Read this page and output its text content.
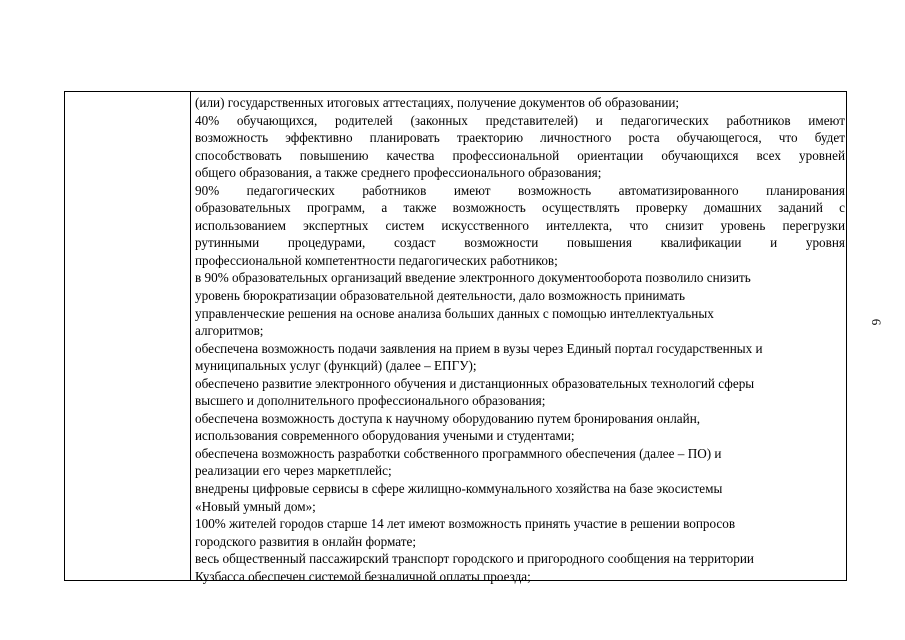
(или) государственных итоговых аттестациях, получение документов об образовании;
40% обучающихся, родителей (законных представителей) и педагогических работников имеют
возможность эффективно планировать траекторию личностного роста обучающегося, что будет
способствовать повышению качества профессиональной ориентации обучающихся всех уровней
общего образования, а также среднего профессионального образования;
90% педагогических работников имеют возможность автоматизированного планирования
образовательных программ, а также возможность осуществлять проверку домашних заданий с
использованием экспертных систем искусственного интеллекта, что снизит уровень перегрузки
рутинными процедурами, создаст возможности повышения квалификации и уровня
профессиональной компетентности педагогических работников;
в 90% образовательных организаций введение электронного документооборота позволило снизить
уровень бюрократизации образовательной деятельности, дало возможность принимать
управленческие решения на основе анализа больших данных с помощью интеллектуальных
алгоритмов;
обеспечена возможность подачи заявления на прием в вузы через Единый портал государственных и
муниципальных услуг (функций) (далее – ЕПГУ);
обеспечено развитие электронного обучения и дистанционных образовательных технологий сферы
высшего и дополнительного профессионального образования;
обеспечена возможность доступа к научному оборудованию путем бронирования онлайн,
использования современного оборудования учеными и студентами;
обеспечена возможность разработки собственного программного обеспечения (далее – ПО) и
реализации его через маркетплейс;
внедрены цифровые сервисы в сфере жилищно-коммунального хозяйства на базе экосистемы
«Новый умный дом»;
100% жителей городов старше 14 лет имеют возможность принять участие в решении вопросов
городского развития в онлайн формате;
весь общественный пассажирский транспорт городского и пригородного сообщения на территории
Кузбасса обеспечен системой безналичной оплаты проезда;
6
